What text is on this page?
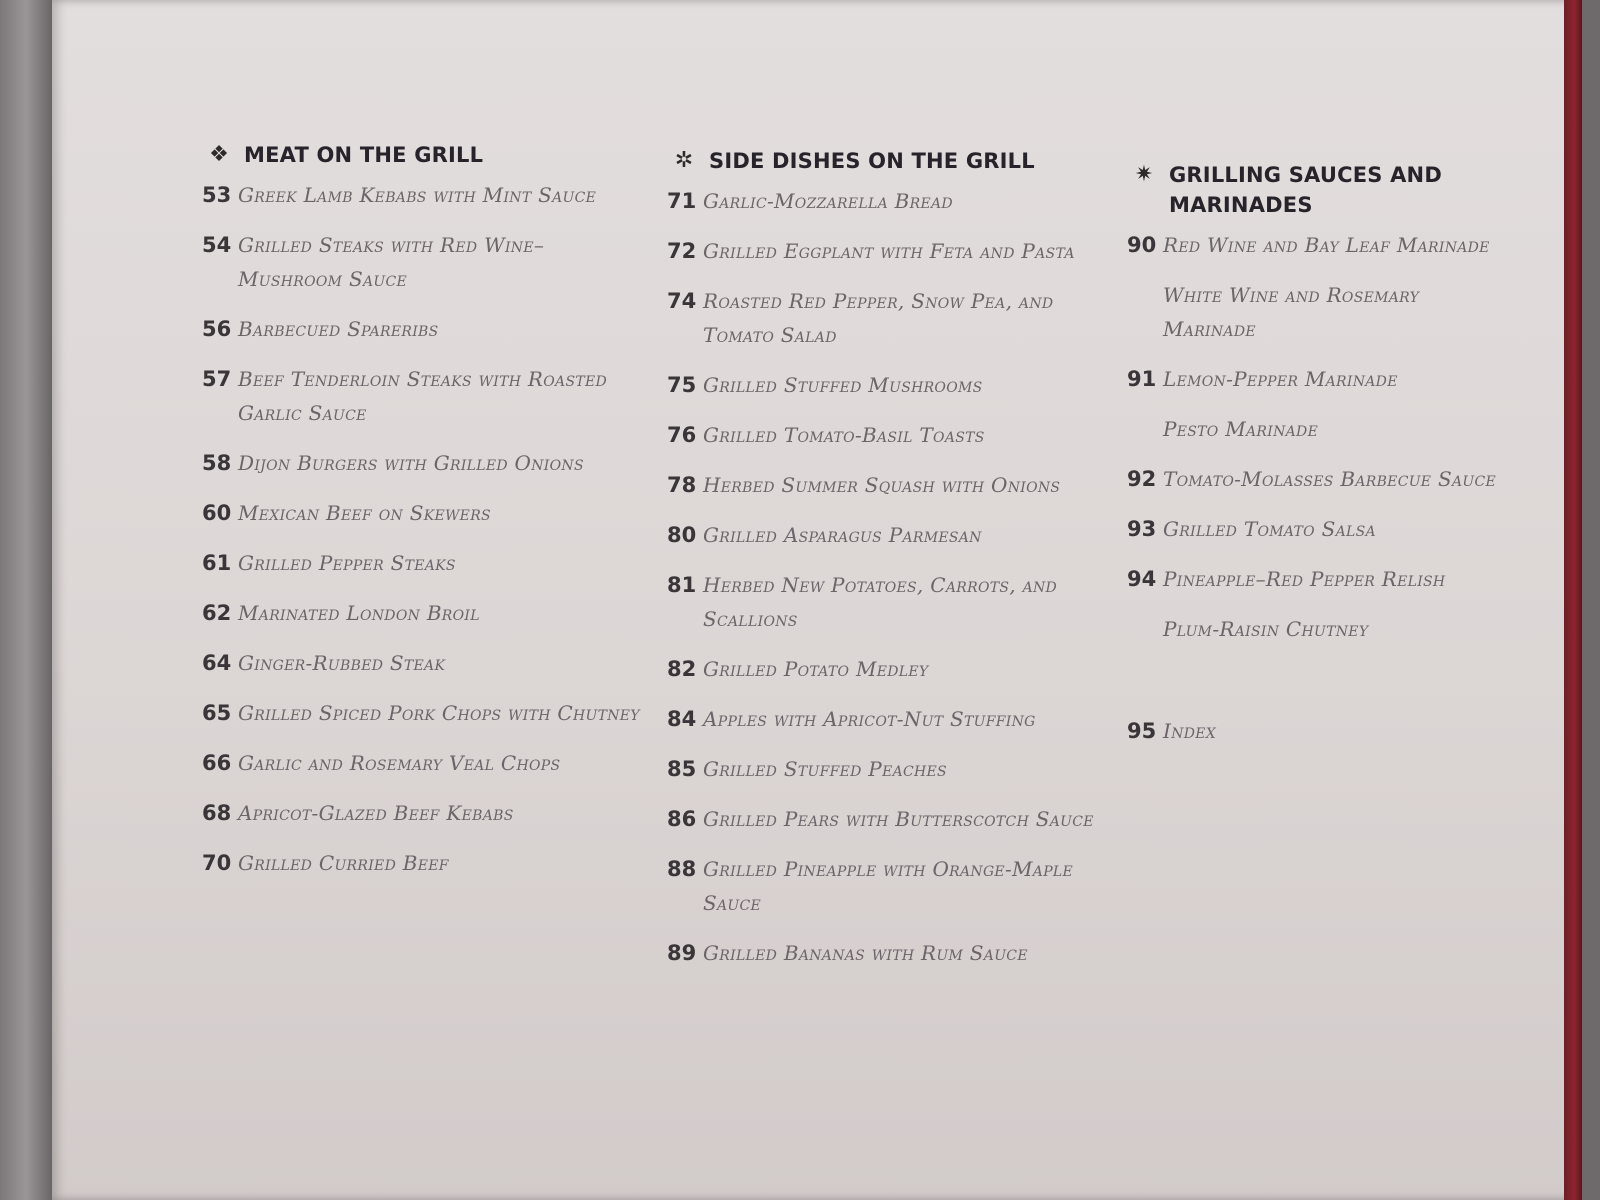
❖ MEAT ON THE GRILL
53 Greek Lamb Kebabs with Mint Sauce
54 Grilled Steaks with Red Wine–Mushroom Sauce
56 Barbecued Spareribs
57 Beef Tenderloin Steaks with Roasted Garlic Sauce
58 Dijon Burgers with Grilled Onions
60 Mexican Beef on Skewers
61 Grilled Pepper Steaks
62 Marinated London Broil
64 Ginger-Rubbed Steak
65 Grilled Spiced Pork Chops with Chutney
66 Garlic and Rosemary Veal Chops
68 Apricot-Glazed Beef Kebabs
70 Grilled Curried Beef
✲ SIDE DISHES ON THE GRILL
71 Garlic-Mozzarella Bread
72 Grilled Eggplant with Feta and Pasta
74 Roasted Red Pepper, Snow Pea, and Tomato Salad
75 Grilled Stuffed Mushrooms
76 Grilled Tomato-Basil Toasts
78 Herbed Summer Squash with Onions
80 Grilled Asparagus Parmesan
81 Herbed New Potatoes, Carrots, and Scallions
82 Grilled Potato Medley
84 Apples with Apricot-Nut Stuffing
85 Grilled Stuffed Peaches
86 Grilled Pears with Butterscotch Sauce
88 Grilled Pineapple with Orange-Maple Sauce
89 Grilled Bananas with Rum Sauce
✷ GRILLING SAUCES AND MARINADES
90 Red Wine and Bay Leaf Marinade
White Wine and Rosemary Marinade
91 Lemon-Pepper Marinade
Pesto Marinade
92 Tomato-Molasses Barbecue Sauce
93 Grilled Tomato Salsa
94 Pineapple–Red Pepper Relish
Plum-Raisin Chutney
95 Index
